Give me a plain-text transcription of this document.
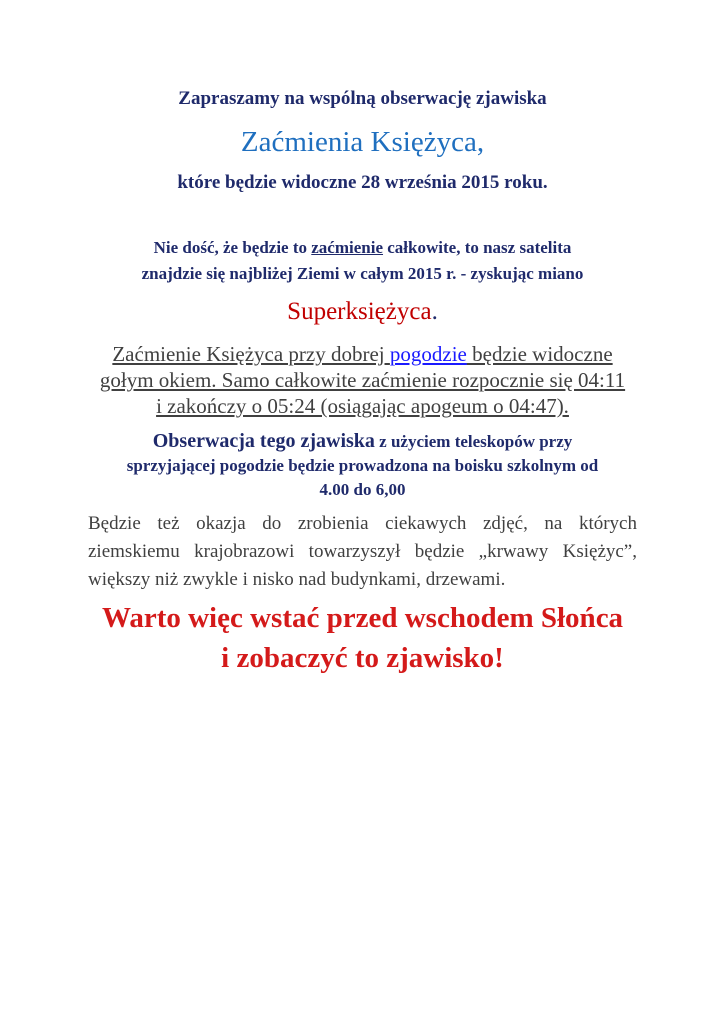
Zapraszamy na wspólną obserwację zjawiska

Zaćmienia Księżyca,

które będzie widoczne 28 września 2015 roku.

Nie dość, że będzie to zaćmienie całkowite, to nasz satelita

znajdzie się najbliżej Ziemi w całym 2015 r. - zyskując miano

Superksiężyca.

Zaćmienie Księżyca przy dobrej pogodzie będzie widoczne

gołym okiem. Samo całkowite zaćmienie rozpocznie się 04:11

i zakończy o 05:24 (osiągając apogeum o 04:47).

Obserwacja tego zjawiska z użyciem teleskopów przy

sprzyjającej pogodzie będzie prowadzona na boisku szkolnym od

4.00 do 6,00

Będzie też okazja do zrobienia ciekawych zdjęć, na których
ziemskiemu krajobrazowi towarzyszył będzie „krwawy Księżyc”,
większy niż zwykle i nisko nad budynkami, drzewami.

Warto więc wstać przed wschodem Słońca

i zobaczyć to zjawisko!
